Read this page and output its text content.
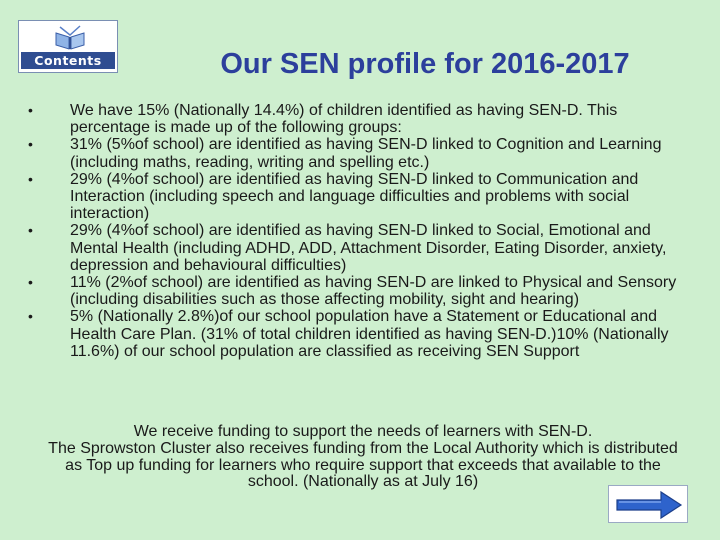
Contents	Our SEN profile for 2016-2017
•	We have 15% (Nationally 14.4%) of children identified as having SEN-D. This percentage is made up of the following groups:
•	31% (5%of school) are identified as having SEN-D linked to Cognition and Learning (including maths, reading, writing and spelling etc.)
•	29% (4%of school) are identified as having SEN-D linked to Communication and Interaction (including speech and language difficulties and problems with social interaction)
•	29% (4%of school) are identified as having SEN-D linked to Social, Emotional and Mental Health (including ADHD, ADD, Attachment Disorder, Eating Disorder, anxiety, depression and behavioural difficulties)
•	11% (2%of school) are identified as having SEN-D are linked to Physical and Sensory (including disabilities such as those affecting mobility, sight and hearing)
•	5% (Nationally 2.8%)of our school population have a Statement or Educational and Health Care Plan. (31% of total children identified as having SEN-D.)10% (Nationally 11.6%) of our school population are classified as receiving SEN Support
We receive funding to support the needs of learners with SEN-D.
The Sprowston Cluster also receives funding from the Local Authority which is distributed as Top up funding for learners who require support that exceeds that available to the school. (Nationally as at July 16)
